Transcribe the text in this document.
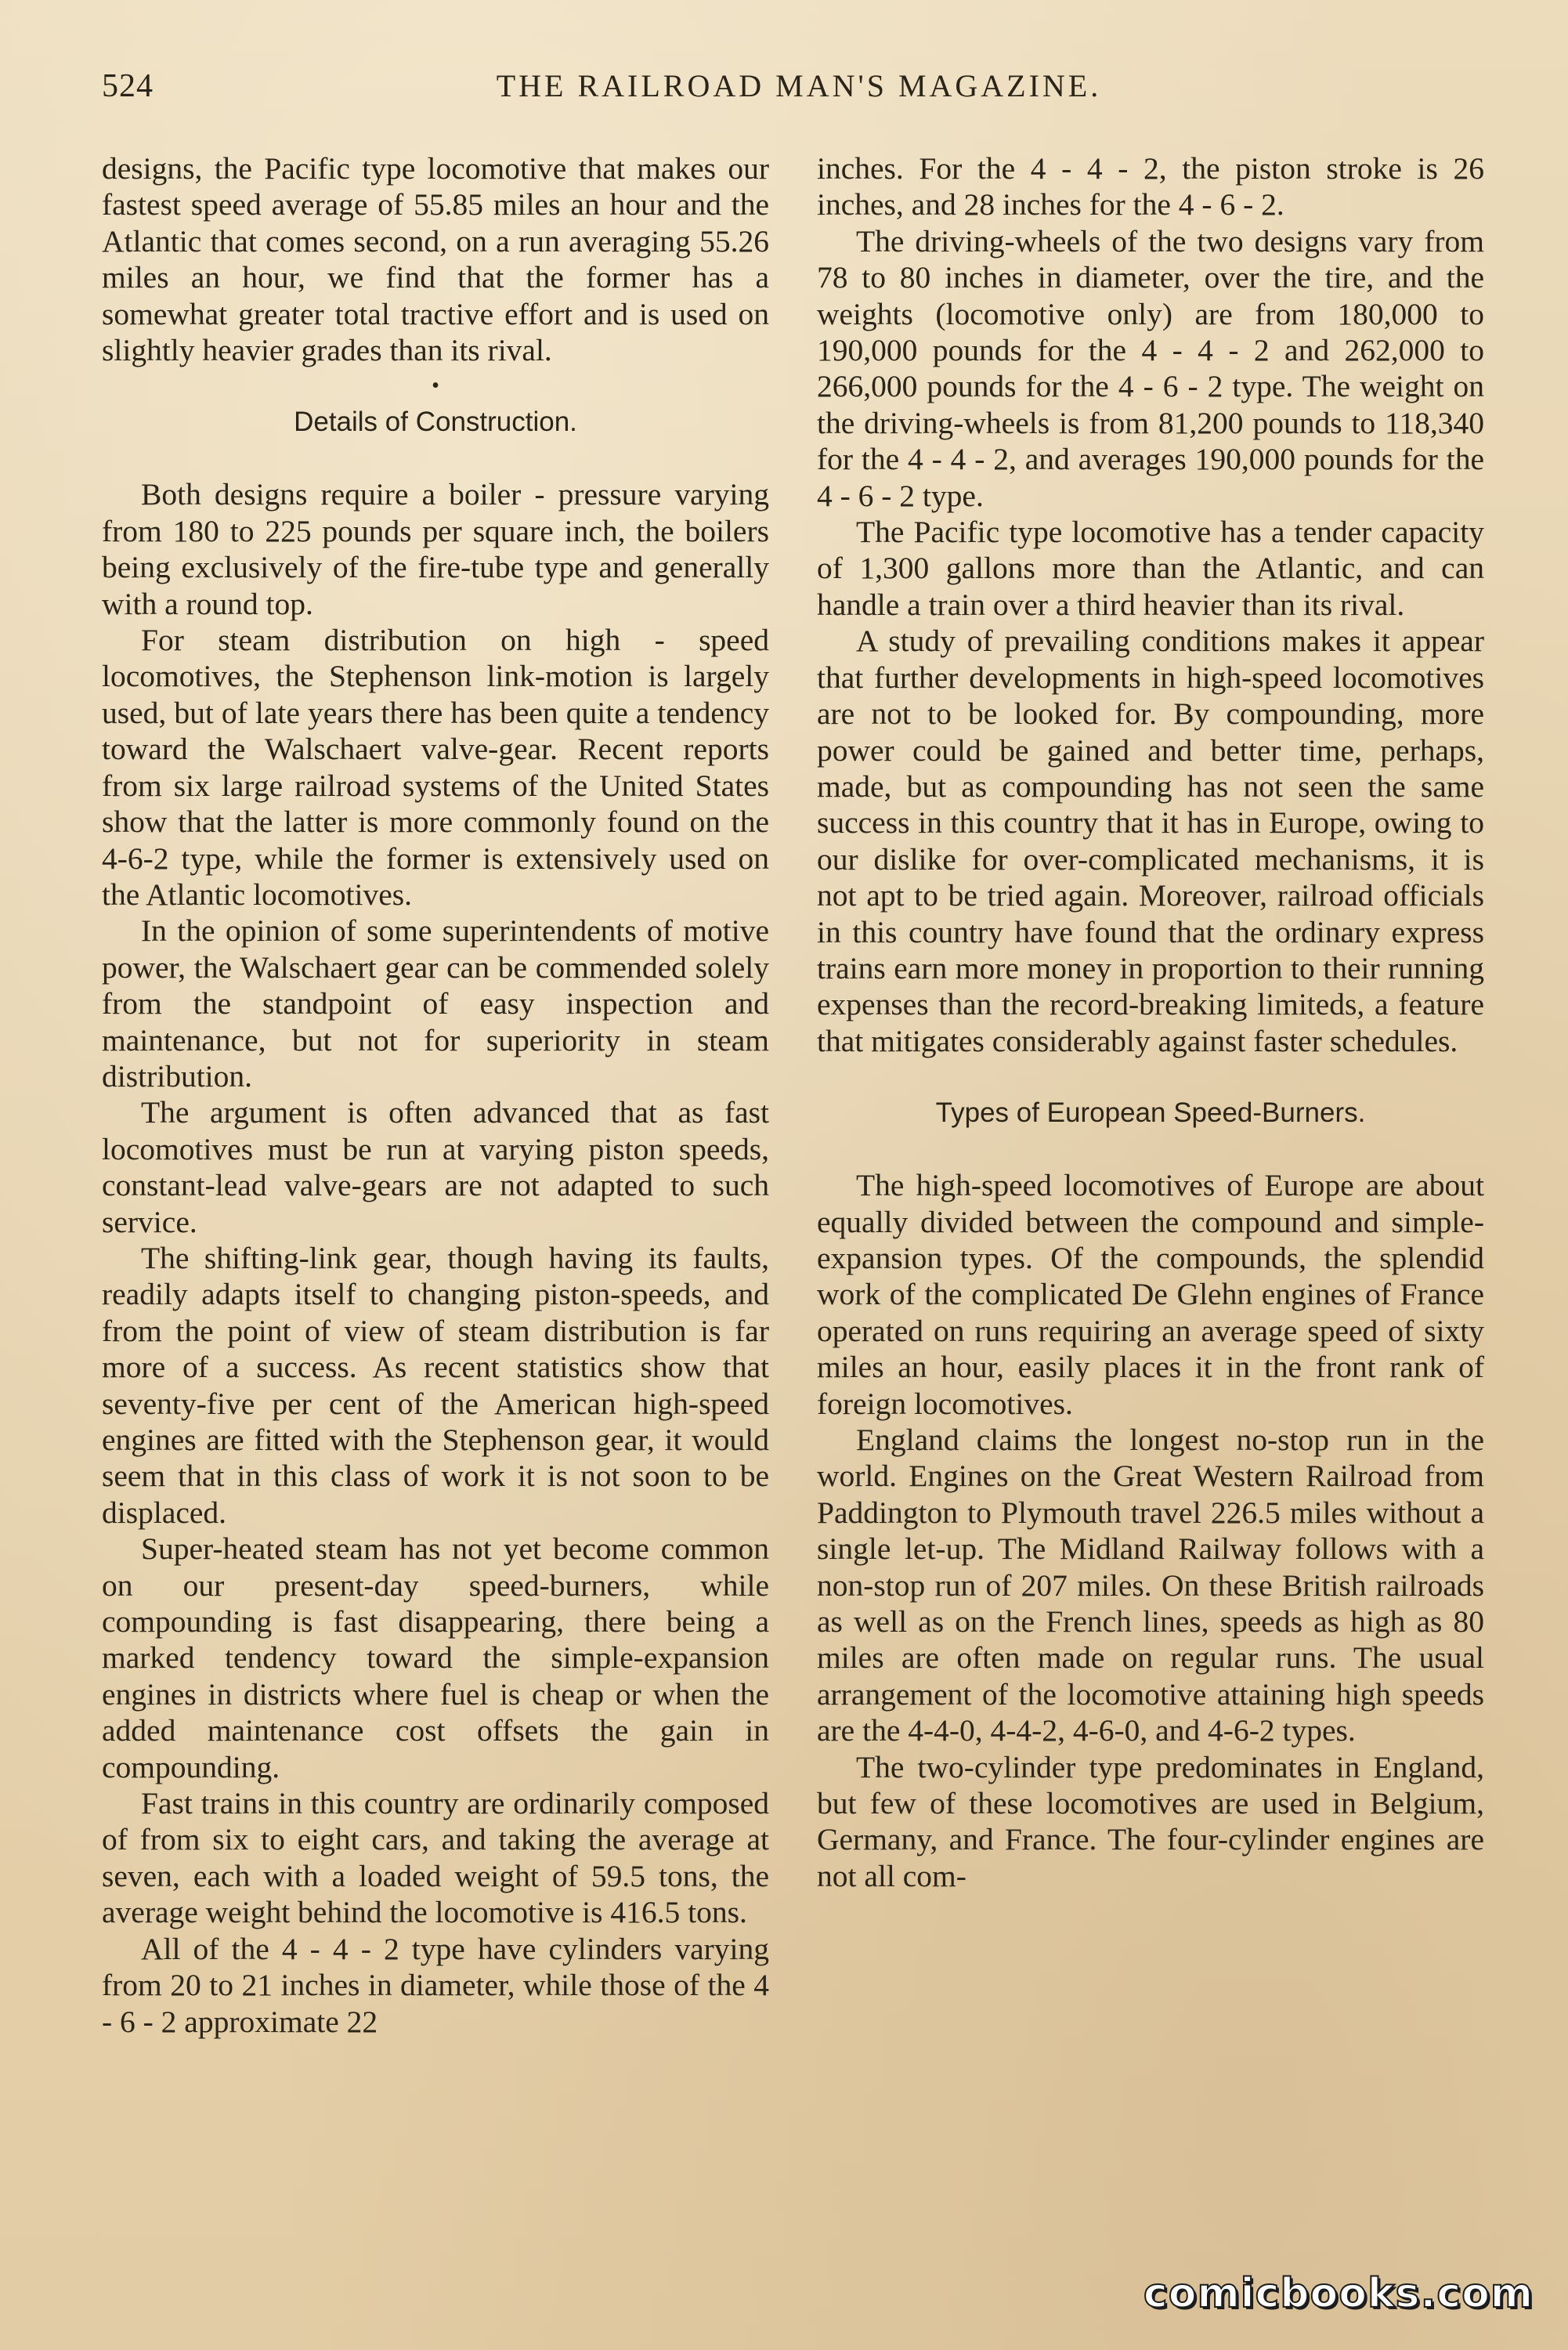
524	THE RAILROAD MAN'S MAGAZINE.

designs, the Pacific type locomotive that makes our fastest speed average of 55.85 miles an hour and the Atlantic that comes second, on a run averaging 55.26 miles an hour, we find that the former has a somewhat greater total tractive effort and is used on slightly heavier grades than its rival.

•
Details of Construction.

Both designs require a boiler - pressure varying from 180 to 225 pounds per square inch, the boilers being exclusively of the fire-tube type and generally with a round top.

For steam distribution on high - speed locomotives, the Stephenson link-motion is largely used, but of late years there has been quite a tendency toward the Walschaert valve-gear. Recent reports from six large railroad systems of the United States show that the latter is more commonly found on the 4-6-2 type, while the former is extensively used on the Atlantic locomotives.

In the opinion of some superintendents of motive power, the Walschaert gear can be commended solely from the standpoint of easy inspection and maintenance, but not for superiority in steam distribution.

The argument is often advanced that as fast locomotives must be run at varying piston speeds, constant-lead valve-gears are not adapted to such service.

The shifting-link gear, though having its faults, readily adapts itself to changing piston-speeds, and from the point of view of steam distribution is far more of a success. As recent statistics show that seventy-five per cent of the American high-speed engines are fitted with the Stephenson gear, it would seem that in this class of work it is not soon to be displaced.

Super-heated steam has not yet become common on our present-day speed-burners, while compounding is fast disappearing, there being a marked tendency toward the simple-expansion engines in districts where fuel is cheap or when the added maintenance cost offsets the gain in compounding.

Fast trains in this country are ordinarily composed of from six to eight cars, and taking the average at seven, each with a loaded weight of 59.5 tons, the average weight behind the locomotive is 416.5 tons.

All of the 4 - 4 - 2 type have cylinders varying from 20 to 21 inches in diameter, while those of the 4 - 6 - 2 approximate 22

inches. For the 4 - 4 - 2, the piston stroke is 26 inches, and 28 inches for the 4 - 6 - 2.

The driving-wheels of the two designs vary from 78 to 80 inches in diameter, over the tire, and the weights (locomotive only) are from 180,000 to 190,000 pounds for the 4 - 4 - 2 and 262,000 to 266,000 pounds for the 4 - 6 - 2 type. The weight on the driving-wheels is from 81,200 pounds to 118,340 for the 4 - 4 - 2, and averages 190,000 pounds for the 4 - 6 - 2 type.

The Pacific type locomotive has a tender capacity of 1,300 gallons more than the Atlantic, and can handle a train over a third heavier than its rival.

A study of prevailing conditions makes it appear that further developments in high-speed locomotives are not to be looked for. By compounding, more power could be gained and better time, perhaps, made, but as compounding has not seen the same success in this country that it has in Europe, owing to our dislike for over-complicated mechanisms, it is not apt to be tried again. Moreover, railroad officials in this country have found that the ordinary express trains earn more money in proportion to their running expenses than the record-breaking limiteds, a feature that mitigates considerably against faster schedules.

Types of European Speed-Burners.

The high-speed locomotives of Europe are about equally divided between the compound and simple-expansion types. Of the compounds, the splendid work of the complicated De Glehn engines of France operated on runs requiring an average speed of sixty miles an hour, easily places it in the front rank of foreign locomotives.

England claims the longest no-stop run in the world. Engines on the Great Western Railroad from Paddington to Plymouth travel 226.5 miles without a single let-up. The Midland Railway follows with a non-stop run of 207 miles. On these British railroads as well as on the French lines, speeds as high as 80 miles are often made on regular runs. The usual arrangement of the locomotive attaining high speeds are the 4-4-0, 4-4-2, 4-6-0, and 4-6-2 types.

The two-cylinder type predominates in England, but few of these locomotives are used in Belgium, Germany, and France. The four-cylinder engines are not all com-

comicbooks.com
